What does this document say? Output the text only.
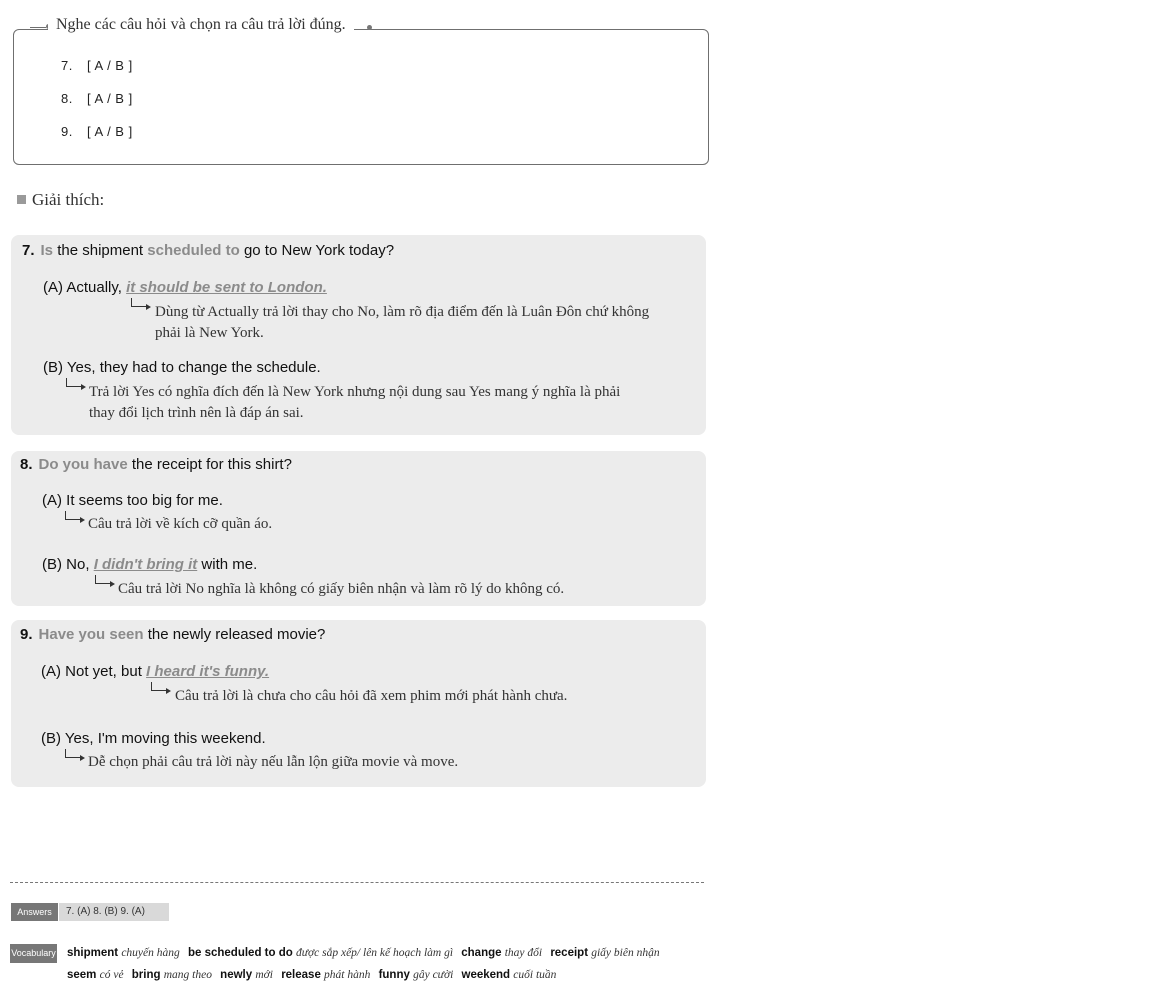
7. [ A / B ]
8. [ A / B ]
9. [ A / B ]
Nghe các câu hỏi và chọn ra câu trả lời đúng.
Giải thích:
7. Is the shipment scheduled to go to New York today?
(A) Actually, it should be sent to London.
Dùng từ Actually trả lời thay cho No, làm rõ địa điểm đến là Luân Đôn chứ không
phải là New York.
(B) Yes, they had to change the schedule.
Trả lời Yes có nghĩa đích đến là New York nhưng nội dung sau Yes mang ý nghĩa là phải
thay đổi lịch trình nên là đáp án sai.
8. Do you have the receipt for this shirt?
(A) It seems too big for me.
Câu trả lời về kích cỡ quần áo.
(B) No, I didn't bring it with me.
Câu trả lời No nghĩa là không có giấy biên nhận và làm rõ lý do không có.
9. Have you seen the newly released movie?
(A) Not yet, but I heard it's funny.
Câu trả lời là chưa cho câu hỏi đã xem phim mới phát hành chưa.
(B) Yes, I'm moving this weekend.
Dễ chọn phải câu trả lời này nếu lẫn lộn giữa movie và move.
Answers	7. (A) 8. (B) 9. (A)
Vocabulary shipment chuyến hàng be scheduled to do được sắp xếp/ lên kế hoạch làm gì change thay đổi receipt giấy biên nhận
seem có vẻ bring mang theo newly mới release phát hành funny gây cười weekend cuối tuần
